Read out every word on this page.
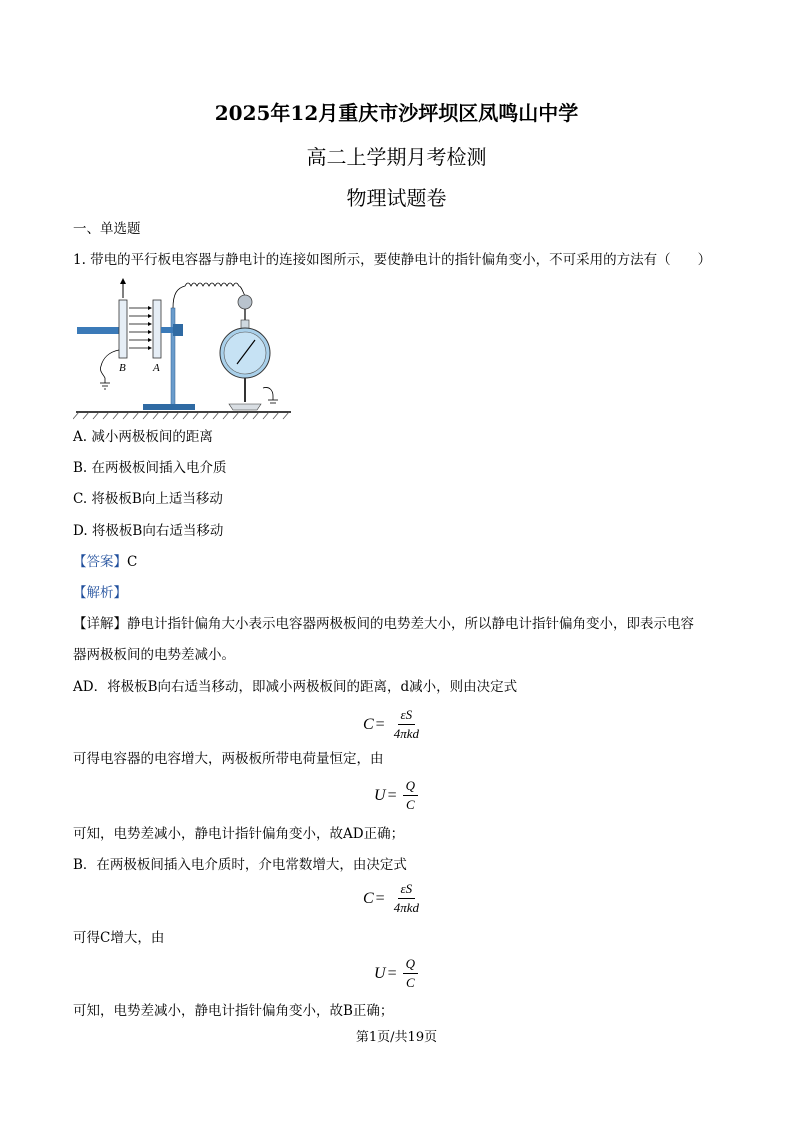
2025年12月重庆市沙坪坝区凤鸣山中学
高二上学期月考检测
物理试题卷
一、单选题
1. 带电的平行板电容器与静电计的连接如图所示，要使静电计的指针偏角变小，不可采用的方法有（　　）
B A
A. 减小两极板间的距离
B. 在两极板间插入电介质
C. 将极板B向上适当移动
D. 将极板B向右适当移动
【答案】C
【解析】
【详解】静电计指针偏角大小表示电容器两极板间的电势差大小，所以静电计指针偏角变小，即表示电容
器两极板间的电势差减小。
AD．将极板B向右适当移动，即减小两极板间的距离，d减小，则由决定式
$C = \frac{\varepsilon S}{\text{4πkd}}$
可得电容器的电容增大，两极板所带电荷量恒定，由
$U = \frac{Q}{C}$
可知，电势差减小，静电计指针偏角变小，故AD正确；
B．在两极板间插入电介质时，介电常数增大，由决定式
$C = \frac{\varepsilon S}{\text{4πkd}}$
可得C增大，由
$U = \frac{Q}{C}$
可知，电势差减小，静电计指针偏角变小，故B正确；
第1页/共19页
